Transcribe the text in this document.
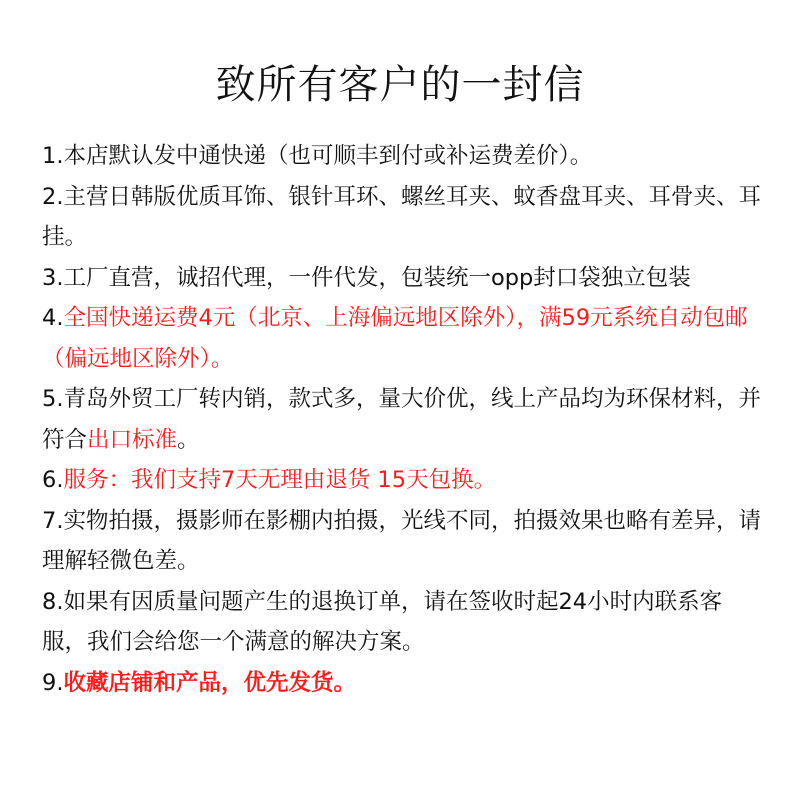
致所有客户的一封信
1.本店默认发中通快递（也可顺丰到付或补运费差价）。
2.主营日韩版优质耳饰、银针耳环、螺丝耳夹、蚊香盘耳夹、耳骨夹、耳挂。
3.工厂直营，诚招代理，一件代发，包装统一opp封口袋独立包装
4.全国快递运费4元（北京、上海偏远地区除外），满59元系统自动包邮（偏远地区除外）。
5.青岛外贸工厂转内销，款式多，量大价优，线上产品均为环保材料，并符合出口标准。
6.服务：我们支持7天无理由退货 15天包换。
7.实物拍摄，摄影师在影棚内拍摄，光线不同，拍摄效果也略有差异，请理解轻微色差。
8.如果有因质量问题产生的退换订单，请在签收时起24小时内联系客服，我们会给您一个满意的解决方案。
9.收藏店铺和产品，优先发货。
